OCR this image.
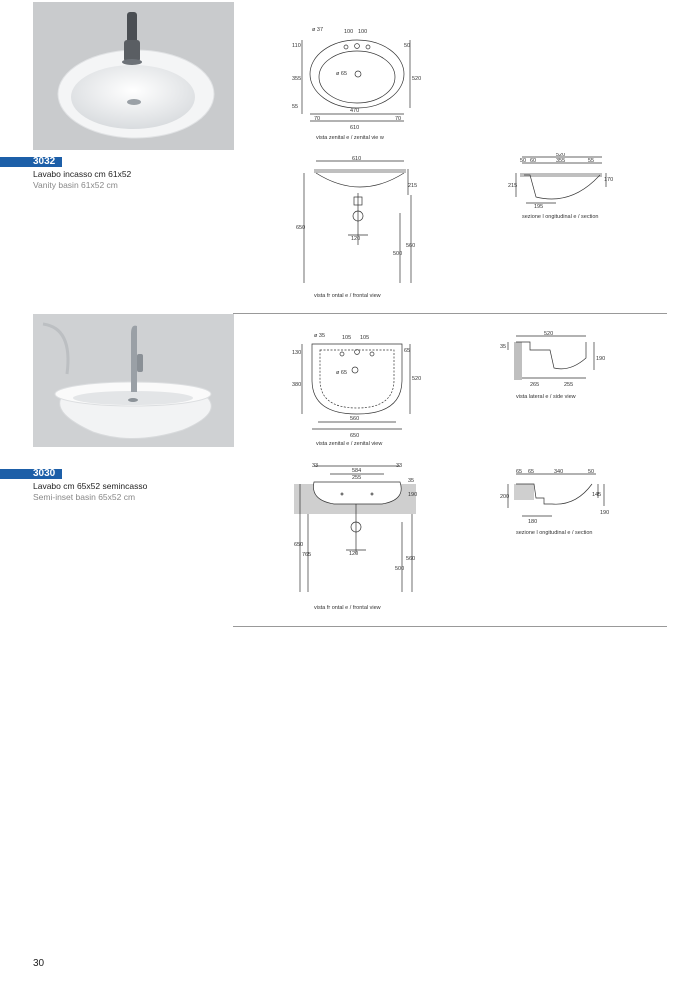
3032
Lavabo incasso cm 61x52
Vanity basin 61x52 cm
ø 37	100 100
110	50
355
ø 65
520
55
470
70	70
610
vista zenital e / zenital vie w
610
215
650
120
500
560
vista fr ontal e / frontal view
520
50 60	355	55
215
170
195
sezione l ongitudinal e / section
3030
Lavabo cm 65x52 semincasso
Semi-inset basin 65x52 cm
ø 35	105 105
130	65
380
ø 65
520
560
650
vista zenital e / zenital view
520
35
190
265	255
vista lateral e / side view
33
584
33
255	35
190
650
765	120
500
560
vista fr ontal e / frontal view
65 65	340	50
200	145
190
180
sezione l ongitudinal e / section
30
